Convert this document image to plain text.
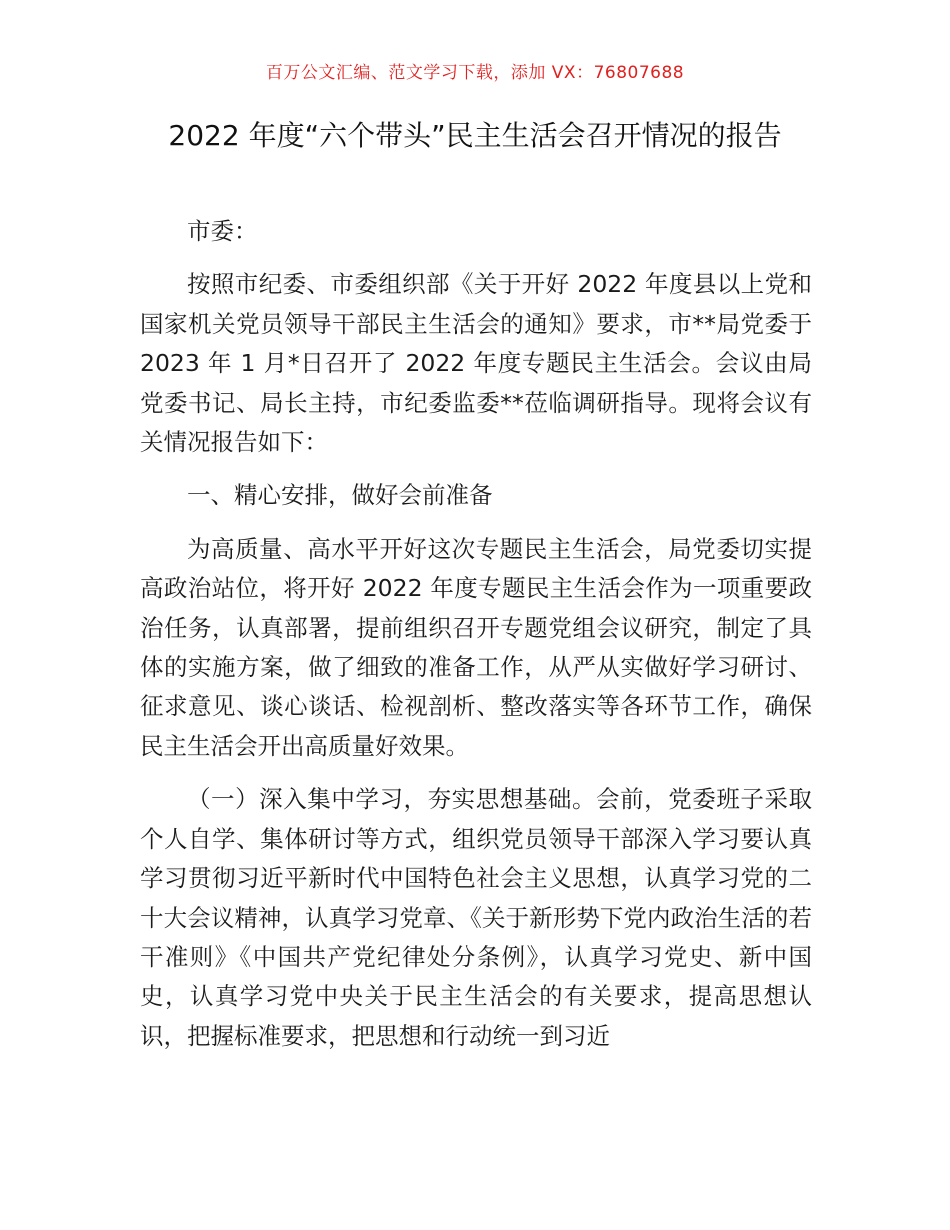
百万公文汇编、范文学习下载，添加 VX：76807688
2022 年度“六个带头”民主生活会召开情况的报告

市委：

按照市纪委、市委组织部《关于开好 2022 年度县以上党和国家机关党员领导干部民主生活会的通知》要求，市**局党委于 2023 年 1 月*日召开了 2022 年度专题民主生活会。会议由局党委书记、局长主持，市纪委监委**莅临调研指导。现将会议有关情况报告如下：

一、精心安排，做好会前准备

为高质量、高水平开好这次专题民主生活会，局党委切实提高政治站位，将开好 2022 年度专题民主生活会作为一项重要政治任务，认真部署，提前组织召开专题党组会议研究，制定了具体的实施方案，做了细致的准备工作，从严从实做好学习研讨、征求意见、谈心谈话、检视剖析、整改落实等各环节工作，确保民主生活会开出高质量好效果。

（一）深入集中学习，夯实思想基础。会前，党委班子采取个人自学、集体研讨等方式，组织党员领导干部深入学习要认真学习贯彻习近平新时代中国特色社会主义思想，认真学习党的二十大会议精神，认真学习党章、《关于新形势下党内政治生活的若干准则》《中国共产党纪律处分条例》，认真学习党史、新中国史，认真学习党中央关于民主生活会的有关要求，提高思想认识，把握标准要求，把思想和行动统一到习近
